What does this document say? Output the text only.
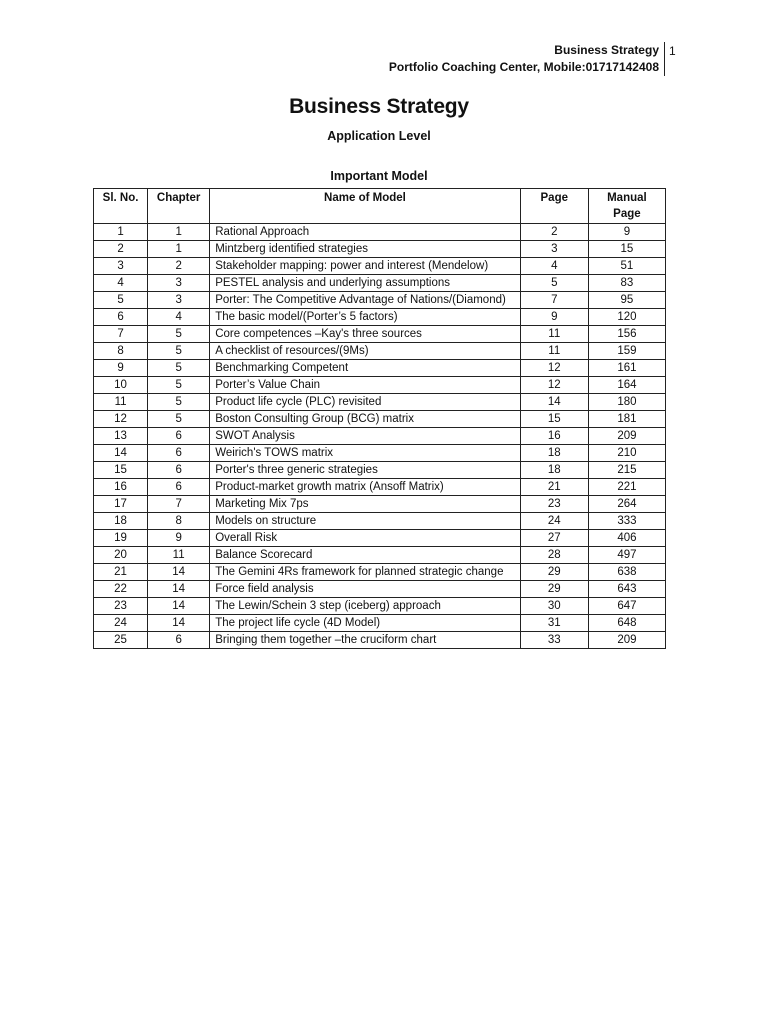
Business Strategy
Portfolio Coaching Center, Mobile:01717142408
1
Business Strategy
Application Level
Important Model
Sl. No.	Chapter	Name of Model	Page	Manual Page
1	1	Rational Approach	2	9
2	1	Mintzberg identified strategies	3	15
3	2	Stakeholder mapping: power and interest (Mendelow)	4	51
4	3	PESTEL analysis and underlying assumptions	5	83
5	3	Porter: The Competitive Advantage of Nations/(Diamond)	7	95
6	4	The basic model/(Porter’s 5 factors)	9	120
7	5	Core competences –Kay's three sources	11	156
8	5	A checklist of resources/(9Ms)	11	159
9	5	Benchmarking Competent	12	161
10	5	Porter’s Value Chain	12	164
11	5	Product life cycle (PLC) revisited	14	180
12	5	Boston Consulting Group (BCG) matrix	15	181
13	6	SWOT Analysis	16	209
14	6	Weirich's TOWS matrix	18	210
15	6	Porter's three generic strategies	18	215
16	6	Product-market growth matrix (Ansoff Matrix)	21	221
17	7	Marketing Mix 7ps	23	264
18	8	Models on structure	24	333
19	9	Overall Risk	27	406
20	11	Balance Scorecard	28	497
21	14	The Gemini 4Rs framework for planned strategic change	29	638
22	14	Force field analysis	29	643
23	14	The Lewin/Schein 3 step (iceberg) approach	30	647
24	14	The project life cycle (4D Model)	31	648
25	6	Bringing them together –the cruciform chart	33	209
